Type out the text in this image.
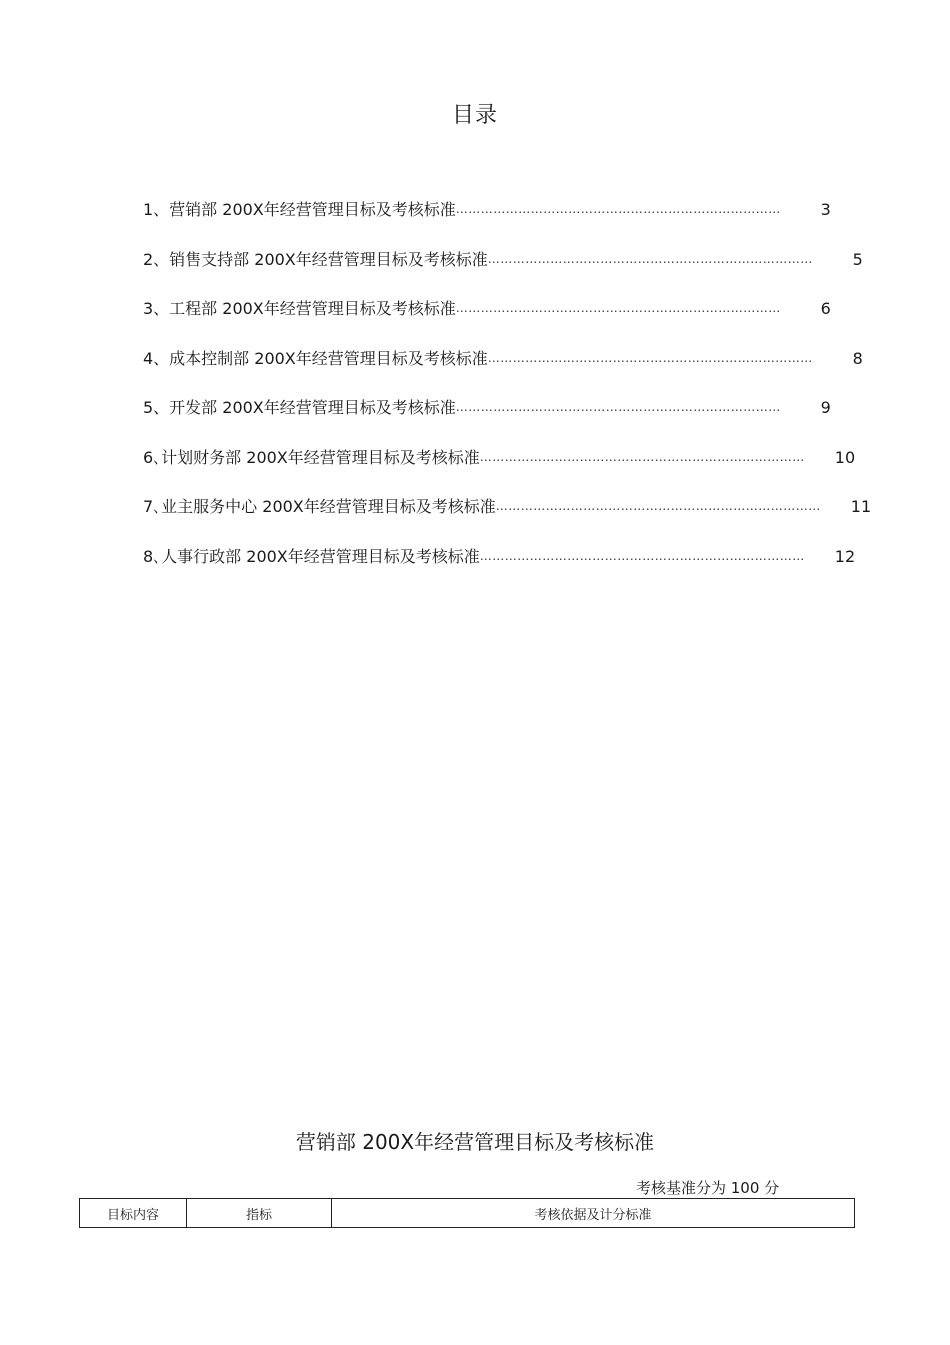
目录
1、营销部 200X年经营管理目标及考核标准 ……………………………………………………………………	3
2、销售支持部 200X年经营管理目标及考核标准 ……………………………………………………………………	5
3、工程部 200X年经营管理目标及考核标准 ……………………………………………………………………	6
4、成本控制部 200X年经营管理目标及考核标准 ……………………………………………………………………	8
5、开发部 200X年经营管理目标及考核标准 ……………………………………………………………………	9
6､计划财务部 200X年经营管理目标及考核标准 …………………………………………………………………… 10
7､业主服务中心 200X年经营管理目标及考核标准 …………………………………………………………………… 11
8､人事行政部 200X年经营管理目标及考核标准 …………………………………………………………………… 12
营销部 200X年经营管理目标及考核标准
考核基准分为 100 分
目标内容	指标	考核依据及计分标准
